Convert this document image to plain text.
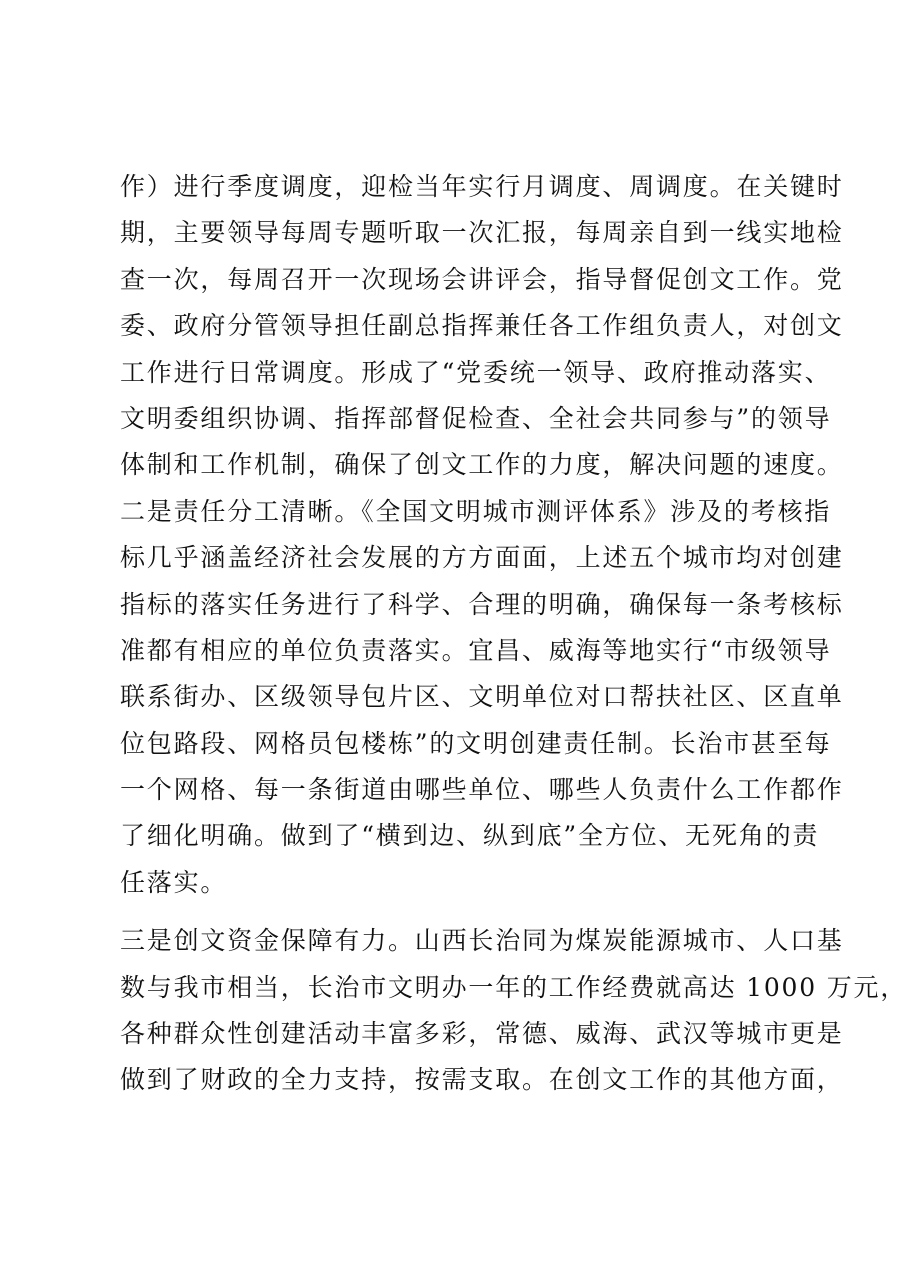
作）进行季度调度，迎检当年实行月调度、周调度。在关键时
期，主要领导每周专题听取一次汇报，每周亲自到一线实地检
查一次，每周召开一次现场会讲评会，指导督促创文工作。党
委、政府分管领导担任副总指挥兼任各工作组负责人，对创文
工作进行日常调度。形成了“党委统一领导、政府推动落实、
文明委组织协调、指挥部督促检查、全社会共同参与”的领导
体制和工作机制，确保了创文工作的力度，解决问题的速度。
二是责任分工清晰。《全国文明城市测评体系》涉及的考核指
标几乎涵盖经济社会发展的方方面面，上述五个城市均对创建
指标的落实任务进行了科学、合理的明确，确保每一条考核标
准都有相应的单位负责落实。宜昌、威海等地实行“市级领导
联系街办、区级领导包片区、文明单位对口帮扶社区、区直单
位包路段、网格员包楼栋”的文明创建责任制。长治市甚至每
一个网格、每一条街道由哪些单位、哪些人负责什么工作都作
了细化明确。做到了“横到边、纵到底”全方位、无死角的责
任落实。
三是创文资金保障有力。山西长治同为煤炭能源城市、人口基
数与我市相当，长治市文明办一年的工作经费就高达 1000 万元，
各种群众性创建活动丰富多彩，常德、威海、武汉等城市更是
做到了财政的全力支持，按需支取。在创文工作的其他方面，
